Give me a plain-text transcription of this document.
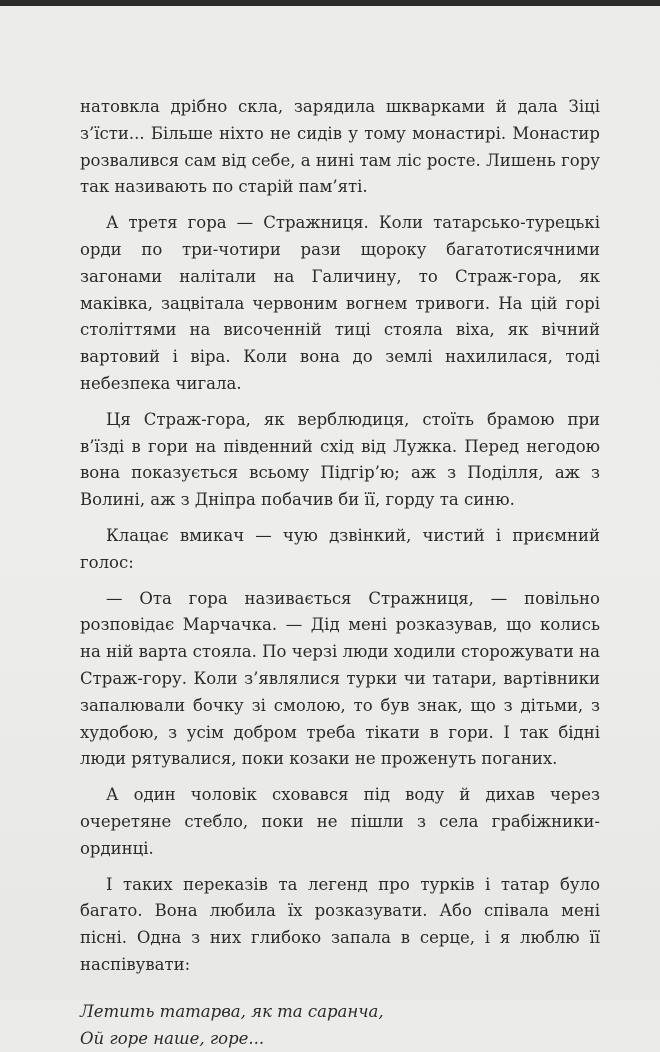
натовкла дрібно скла, зарядила шкварками й дала Зіці з’їсти... Більше ніхто не сидів у тому монастирі. Монастир розвалився сам від себе, а нині там ліс росте. Лишень гору так називають по старій пам’яті.

А третя гора — Стражниця. Коли татарсько-турецькі орди по три-чотири рази щороку багатотисячними загонами налітали на Галичину, то Страж-гора, як маківка, зацвітала червоним вогнем тривоги. На цій горі століттями на височенній тиці стояла віха, як вічний вартовий і віра. Коли вона до землі нахилилася, тоді небезпека чигала.

Ця Страж-гора, як верблюдиця, стоїть брамою при в’їзді в гори на південний схід від Лужка. Перед негодою вона показується всьому Підгір’ю; аж з Поділля, аж з Волині, аж з Дніпра побачив би її, горду та синю.

Клацає вмикач — чую дзвінкий, чистий і приємний голос:

— Ота гора називається Стражниця, — повільно розповідає Марчачка. — Дід мені розказував, що колись на ній варта стояла. По черзі люди ходили сторожувати на Страж-гору. Коли з’являлися турки чи татари, вартівники запалювали бочку зі смолою, то був знак, що з дітьми, з худобою, з усім добром треба тікати в гори. І так бідні люди рятувалися, поки козаки не проженуть поганих.

А один чоловік сховався під воду й дихав через очеретяне стебло, поки не пішли з села грабіжники-ординці.

І таких переказів та легенд про турків і татар було багато. Вона любила їх розказувати. Або співала мені пісні. Одна з них глибоко запала в серце, і я люблю її наспівувати:

Летить татарва, як та саранча,
Ой горе наше, горе...
